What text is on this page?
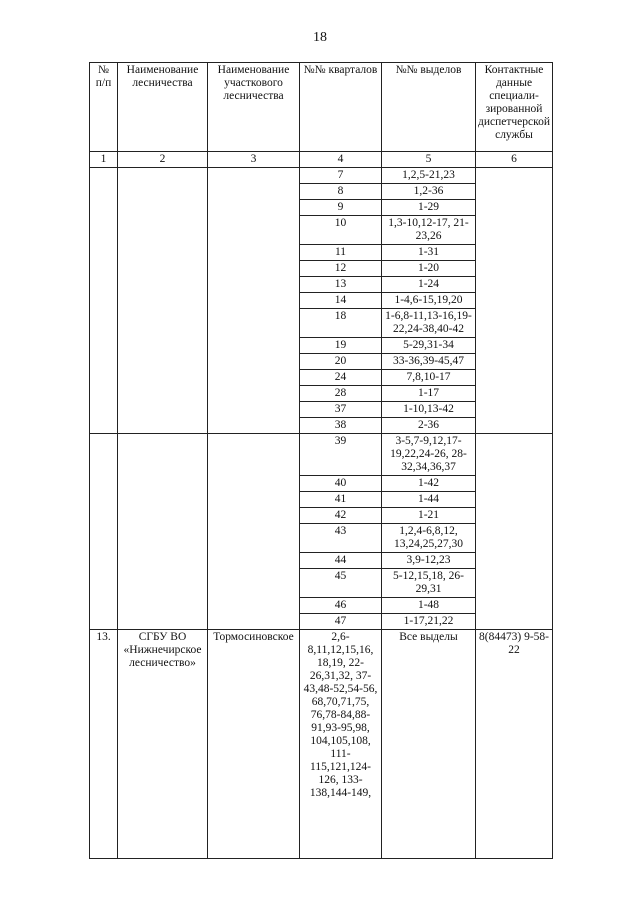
18
№ п/п	Наименование лесничества	Наименование участкового лесничества	№№ кварталов	№№ выделов	Контактные данные специали-зированной диспетчерской службы
1	2	3	4	5	6
			7	1,2,5-21,23	
			8	1,2-36	
			9	1-29	
			10	1,3-10,12-17, 21-23,26	
			11	1-31	
			12	1-20	
			13	1-24	
			14	1-4,6-15,19,20	
			18	1-6,8-11,13-16,19-22,24-38,40-42	
			19	5-29,31-34	
			20	33-36,39-45,47	
			24	7,8,10-17	
			28	1-17	
			37	1-10,13-42	
			38	2-36	
			39	3-5,7-9,12,17-19,22,24-26, 28-32,34,36,37	
			40	1-42	
			41	1-44	
			42	1-21	
			43	1,2,4-6,8,12, 13,24,25,27,30	
			44	3,9-12,23	
			45	5-12,15,18, 26-29,31	
			46	1-48	
			47	1-17,21,22	
13.	СГБУ ВО «Нижнечирское лесничество»	Тормосиновское	2,6-8,11,12,15,16, 18,19, 22-26,31,32, 37-43,48-52,54-56, 68,70,71,75, 76,78-84,88-91,93-95,98, 104,105,108, 111-115,121,124-126, 133-138,144-149,	Все выделы	8(84473) 9-58-22
